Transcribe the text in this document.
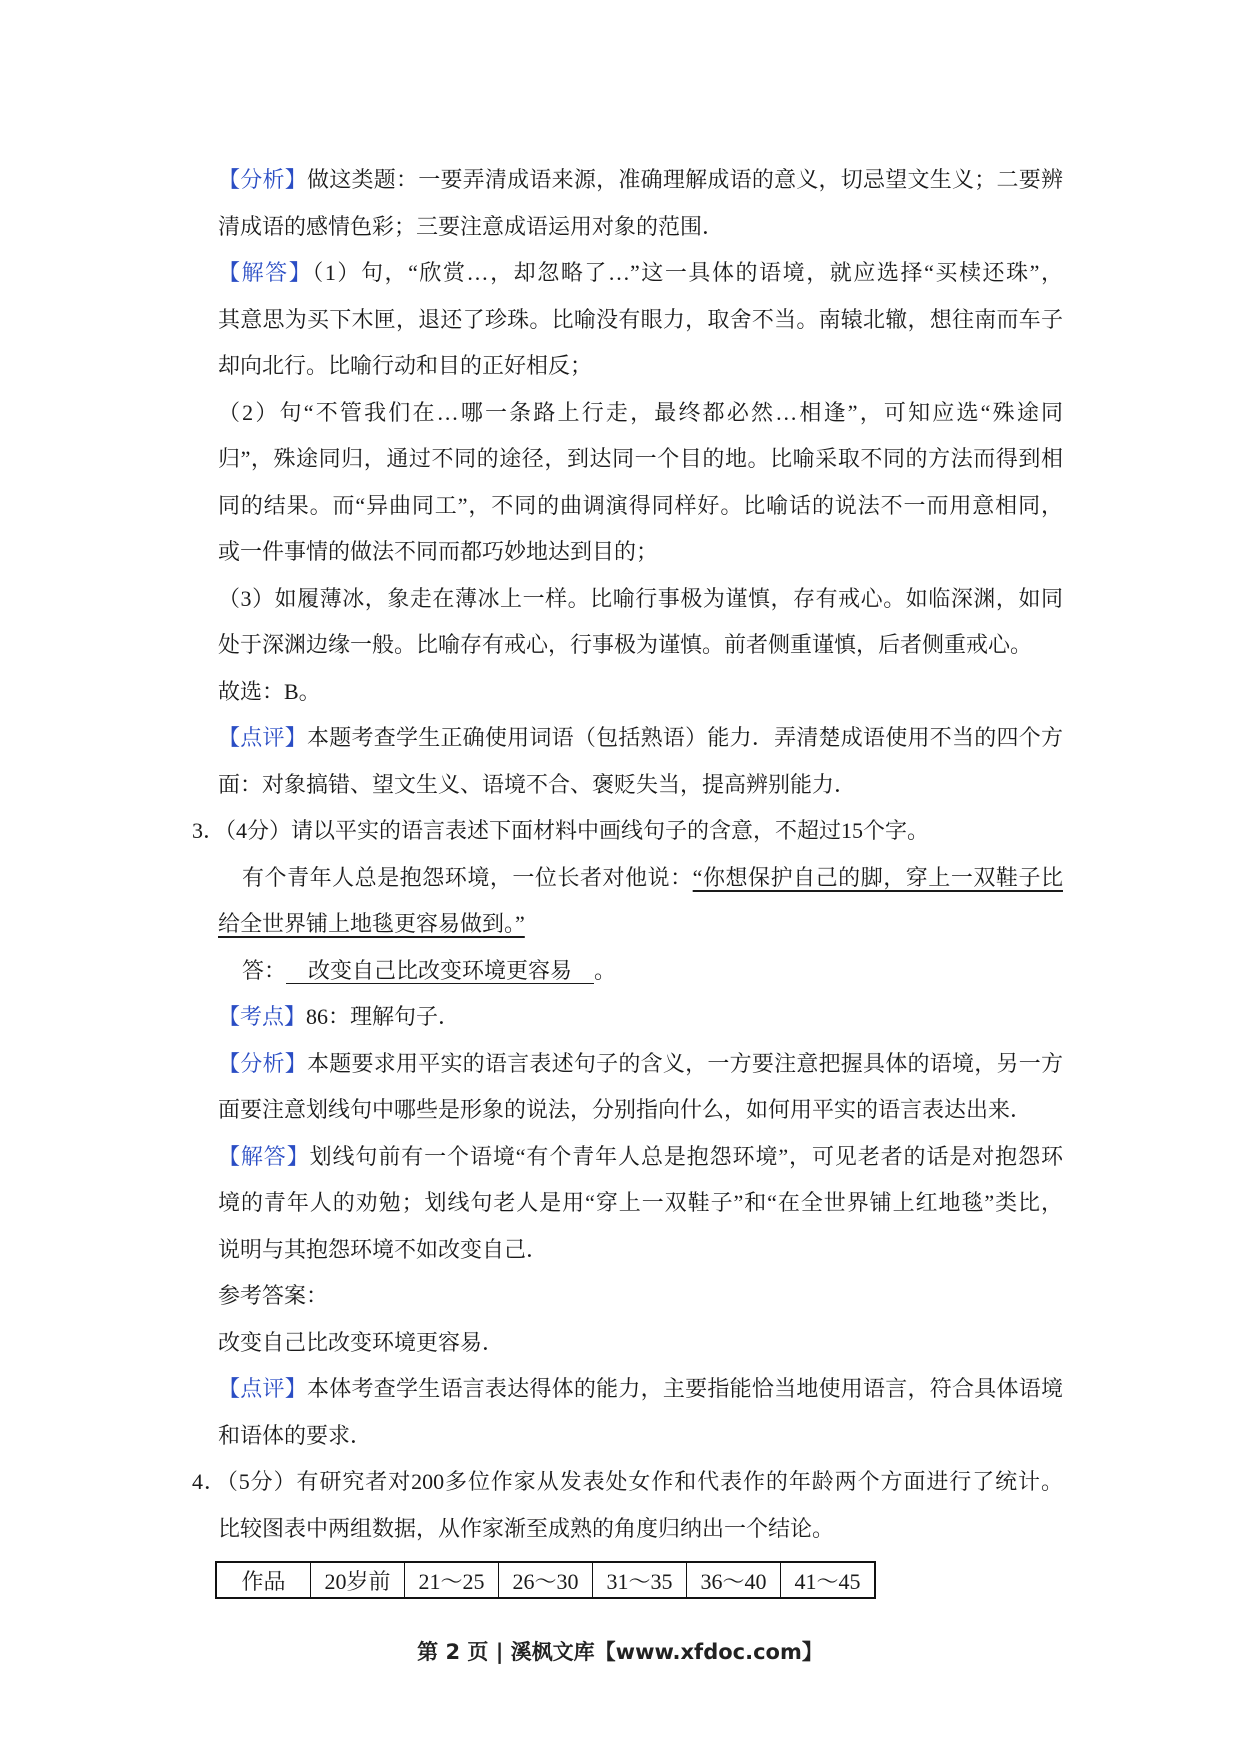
【分析】做这类题：一要弄清成语来源，准确理解成语的意义，切忌望文生义；二要辨
清成语的感情色彩；三要注意成语运用对象的范围．
【解答】（1）句，“欣赏…，却忽略了…”这一具体的语境，就应选择“买椟还珠”，
其意思为买下木匣，退还了珍珠。比喻没有眼力，取舍不当。南辕北辙，想往南而车子
却向北行。比喻行动和目的正好相反；
（2）句“不管我们在…哪一条路上行走，最终都必然…相逢”，可知应选“殊途同
归”，殊途同归，通过不同的途径，到达同一个目的地。比喻采取不同的方法而得到相
同的结果。而“异曲同工”，不同的曲调演得同样好。比喻话的说法不一而用意相同，
或一件事情的做法不同而都巧妙地达到目的；
（3）如履薄冰，象走在薄冰上一样。比喻行事极为谨慎，存有戒心。如临深渊，如同
处于深渊边缘一般。比喻存有戒心，行事极为谨慎。前者侧重谨慎，后者侧重戒心。
故选：B。
【点评】本题考查学生正确使用词语（包括熟语）能力．弄清楚成语使用不当的四个方
面：对象搞错、望文生义、语境不合、褒贬失当，提高辨别能力．
3．（4分）请以平实的语言表述下面材料中画线句子的含意，不超过15个字。
有个青年人总是抱怨环境，一位长者对他说：“你想保护自己的脚，穿上一双鞋子比
给全世界铺上地毯更容易做到。”
答： 改变自己比改变环境更容易 。
【考点】86：理解句子．
【分析】本题要求用平实的语言表述句子的含义，一方要注意把握具体的语境，另一方
面要注意划线句中哪些是形象的说法，分别指向什么，如何用平实的语言表达出来．
【解答】划线句前有一个语境“有个青年人总是抱怨环境”，可见老者的话是对抱怨环
境的青年人的劝勉；划线句老人是用“穿上一双鞋子”和“在全世界铺上红地毯”类比，
说明与其抱怨环境不如改变自己．
参考答案：
改变自己比改变环境更容易．
【点评】本体考查学生语言表达得体的能力，主要指能恰当地使用语言，符合具体语境
和语体的要求．
4．（5分）有研究者对200多位作家从发表处女作和代表作的年龄两个方面进行了统计。
比较图表中两组数据，从作家渐至成熟的角度归纳出一个结论。
作品	20岁前	21～25	26～30	31～35	36～40	41～45
第 2 页 | 溪枫文库【www.xfdoc.com】
